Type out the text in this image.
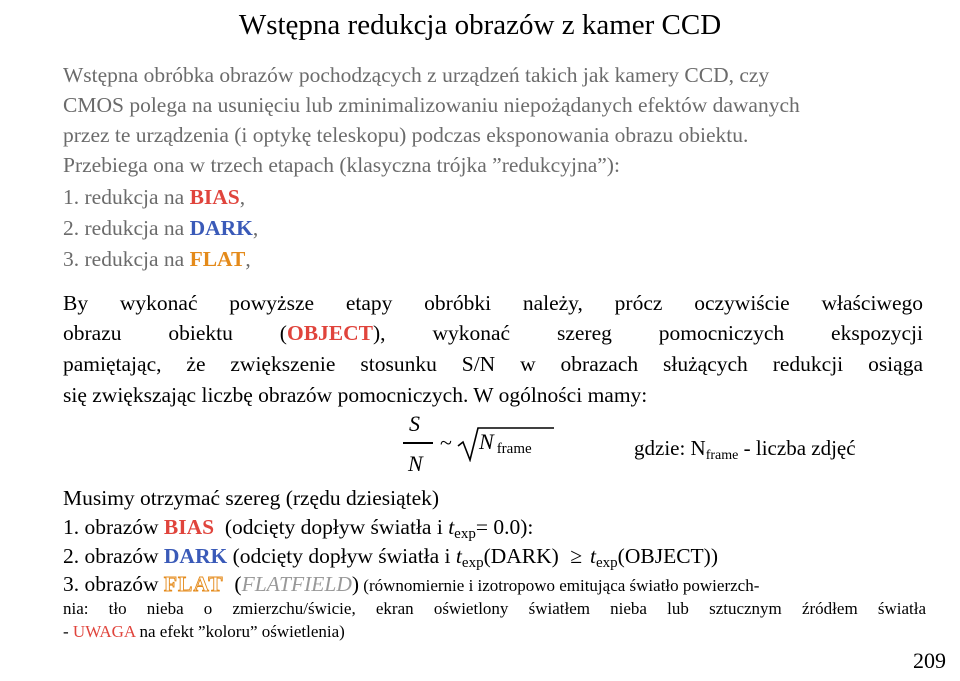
Wstępna redukcja obrazów z kamer CCD
Wstępna obróbka obrazów pochodzących z urządzeń takich jak kamery CCD, czy
CMOS polega na usunięciu lub zminimalizowaniu niepożądanych efektów dawanych
przez te urządzenia (i optykę teleskopu) podczas eksponowania obrazu obiektu.
Przebiega ona w trzech etapach (klasyczna trójka ”redukcyjna”):
1. redukcja na BIAS,
2. redukcja na DARK,
3. redukcja na FLAT,
By wykonać powyższe etapy obróbki należy, prócz oczywiście właściwego
obrazu obiektu (OBJECT), wykonać szereg pomocniczych ekspozycji
pamiętając, że zwiększenie stosunku S/N w obrazach służących redukcji osiąga
się zwiększając liczbę obrazów pomocniczych. W ogólności mamy:
S
N
~ N frame	gdzie: Nframe - liczba zdjęć
Musimy otrzymać szereg (rzędu dziesiątek)
1. obrazów BIAS  (odcięty dopływ światła i texp= 0.0):
2. obrazów DARK (odcięty dopływ światła i texp(DARK) ≥ texp(OBJECT))
3. obrazów FLAT  (FLATFIELD) (równomiernie i izotropowo emitująca światło powierzch-
nia: tło nieba o zmierzchu/świcie, ekran oświetlony światłem nieba lub sztucznym źródłem światła
- UWAGA na efekt ”koloru” oświetlenia)
209
